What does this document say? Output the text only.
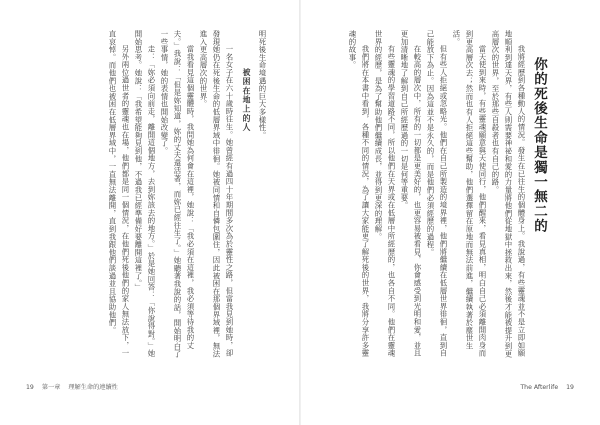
明死後生命境遇的巨大多樣性。

被困在地上的人

一名女子在六十歲時往生。她曾經有過四十年期間多次為於靈性之路，但當我見到她時，卻發現她仍在死後生命的低層界域中徘徊。她被同情和自憐包圍住，因此被困在那個界域裡，無法進入更高層次的世界。

當我看見這個靈體時，我問她為何會在這裡，她說：「我必須在這裡，我必須等待我的丈夫。」我說：「但是妳知道，妳的丈夫還活著，而妳已經往生了。」她聽著我說的話，開始明白了一些事情，她的表情也開始改變了。

走：「妳必須向前走，離開這個地方，去到妳該去的地方。」於是她回答：「你說得對。」她開始思考。她說：「我希望能夠見到他，不過我已經準備好要離開這裡了。」

另外兩位過世者的靈魂也在場，他們都是同一個情況，在他們死後他們的家人無法放下，一直哀悼。而他們也被困在低層界域中，一直無法離開，直到我跟他們談過並且協助他們。

19 第一章 理解生命的連續性

你的死後生命是獨一無二的

我將經歷到各種動人的情況。發生在已往生的個體身上。我說過，有些靈魂並不是立即如願地順利到達天界，有些人則需要神祕和愛的力量將他們從地獄中拯救出來，然後才能被提升到更高層次的世界，至於那些自殺者也有自己的路。

當天使到來時，有些靈魂願意與天使同行，他們醒來，看見真相，明白自己必須離開肉身而到更高層次去；然而也有人拒絕這些幫助，他們選擇留在原地而無法前進，繼續執著於塵世生活。

但有些人拒絕或忽略光。他們在自己所製造的境界裡，他們將繼續在低層世界徘徊，直到自己能放下為止。因為這並不是永久的，而是他們必須經歷的過程。

在較高的層次中，所有的一切都是更美好的，也更容易被看見，你會感受到光明和愛，並且更加清晰地了解到自己所經歷過的一切是何等重要。

有些靈魂的學習道路不同，所以他們在天界或在低層中所經歷的，也各自不同。他們在靈魂世界的經歷，是為了幫助他們繼續成長，並得到更深的理解。

我們將在本書中看到，各種不同的情況，為了讓大家能更了解死後的世界，我將分享許多靈魂的故事。

The Afterlife 19
